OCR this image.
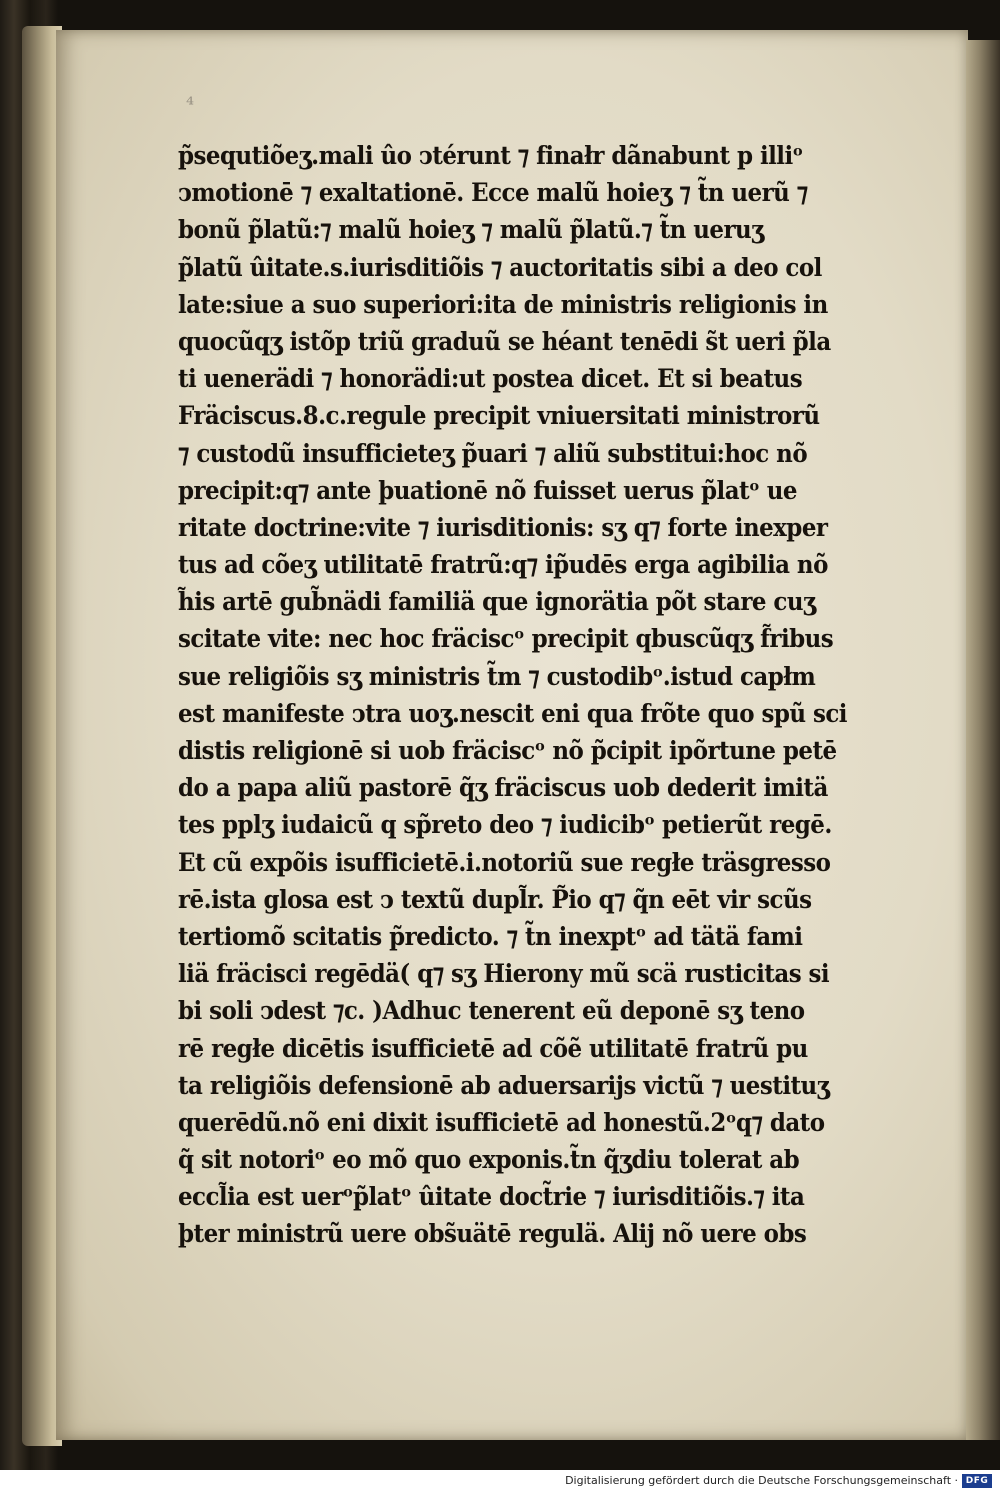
⁴
p̃sequtiõeʒ.mali ûo ↄtérunt ⁊ finałr dãnabunt p illiᵒ
ↄmotionē ⁊ exaltationē. Ecce malũ hoieʒ ⁊ t̃n uerũ ⁊
bonũ p̃latũ:⁊ malũ hoieʒ ⁊ malũ p̃latũ.⁊ t̃n ueruʒ
p̃latũ ûitate.s.iurisditiõis ⁊ auctoritatis sibi a deo col
late:siue a suo superiori:ita de ministris religionis in
quocũqʒ istõp triũ graduũ se héant tenēdi s̃t ueri p̃la
ti uenerädi ⁊ honorädi:ut postea dicet. Et si beatus
Fräciscus.8.c.regule precipit vniuersitati ministrorũ
⁊ custodũ insufficieteʒ p̃uari ⁊ aliũ substitui:hoc nõ
precipit:q⁊ ante þuationē nõ fuisset uerus p̃latᵒ ue
ritate doctrine:vite ⁊ iurisditionis: sʒ q⁊ forte inexper
tus ad cõeʒ utilitatē fratrũ:q⁊ ip̃udēs erga agibilia nõ
h̃is artē gub̃nädi familiä que ignorätia põt stare cuʒ
scitate vite: nec hoc fräciscᵒ precipit qbuscũqʒ f̃ribus
sue religiõis sʒ ministris t̃m ⁊ custodibᵒ.istud capłm
est manifeste ↄtra uoʒ.nescit eni qua frõte quo spũ sci
distis religionē si uob fräciscᵒ nõ p̃cipit ipõrtune petē
do a papa aliũ pastorē q̃ʒ fräciscus uob dederit imitä
tes pplʒ iudaicũ q sp̃reto deo ⁊ iudicibᵒ petierũt regē.
Et cũ expõis isufficietē.i.notoriũ sue regłe träsgresso
rē.ista glosa est ↄ textũ dupl̃r. P̃io q⁊ q̃n eēt vir scũs
tertiomõ scitatis p̃redicto. ⁊ t̃n inexptᵒ ad tätä fami
liä fräcisci regēdä( q⁊ sʒ Hierony mũ scä rusticitas si
bi soli ↄdest ⁊c. )Adhuc tenerent eũ deponē sʒ teno
rē regłe dicētis isufficietē ad cõẽ utilitatē fratrũ pu
ta religiõis defensionē ab aduersarijs victũ ⁊ uestituʒ
querēdũ.nõ eni dixit isufficietē ad honestũ.2ᵒq⁊ dato
q̃ sit notoriᵒ eo mõ quo exponis.t̃n q̃ʒdiu tolerat ab
eccl̃ia est uerᵒp̃latᵒ ûitate doct̃rie ⁊ iurisditiõis.⁊ ita
þter ministrũ uere obs̃uätē regulä. Alij nõ uere obs
Digitalisierung gefördert durch die Deutsche Forschungsgemeinschaft · DFG
